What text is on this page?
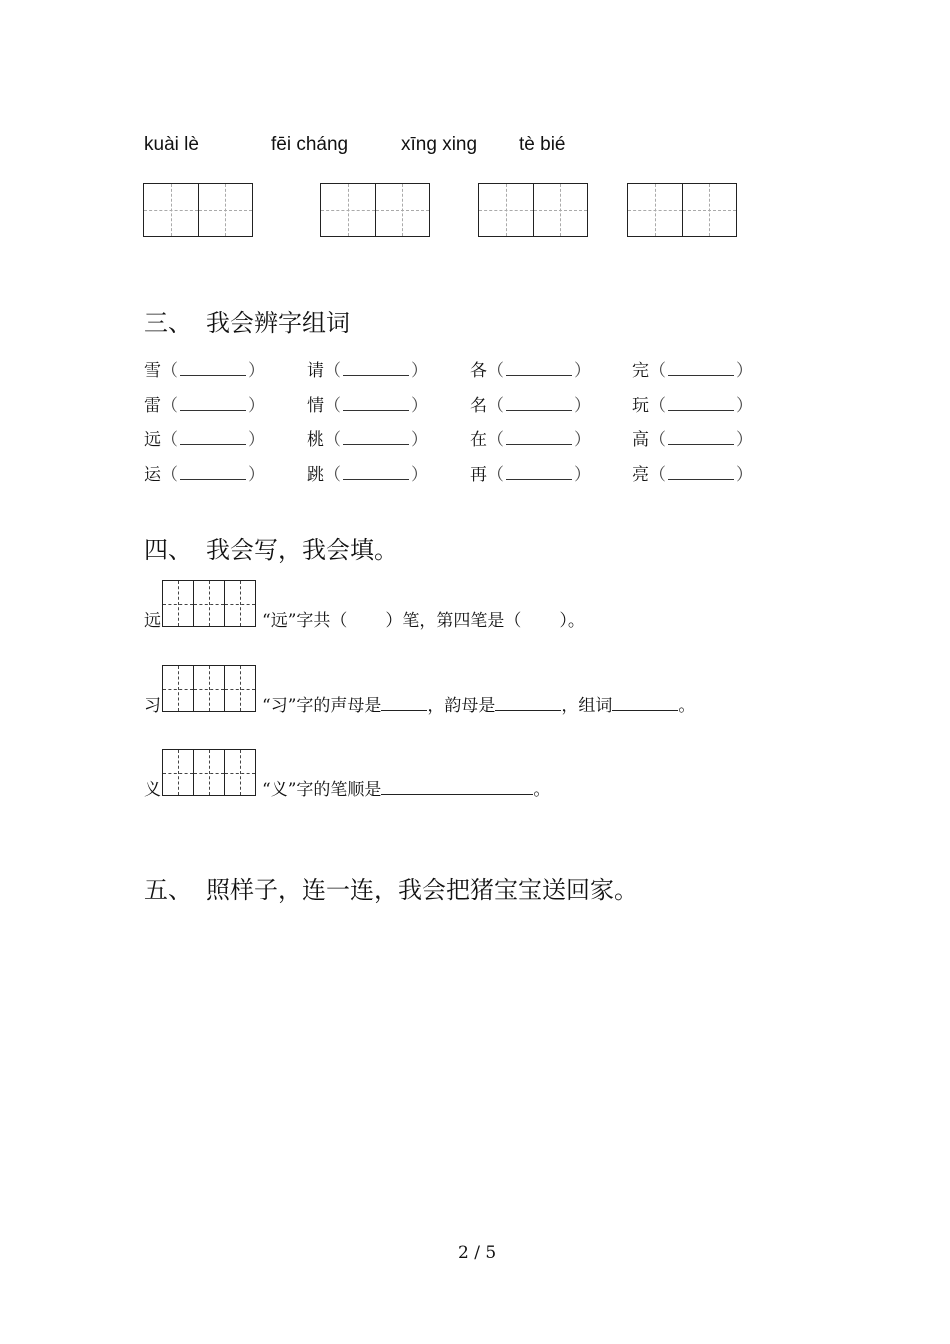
kuài lè	fēi cháng	xīng xing tè bié
三、 我会辨字组词
雪（	） 请（	） 各（	） 完（	）
雷（	） 情（	） 名（	） 玩（	）
远（	） 桃（	） 在（	） 高（	）
运（	） 跳（	） 再（	） 亮（	）
四、 我会写，我会填。
远	“远”字共（ ）笔，第四笔是（ ）。
习	“习”字的声母是	，韵母是	，组词	。
义	“义”字的笔顺是	。
五、 照样子，连一连，我会把猪宝宝送回家。
2 / 5
